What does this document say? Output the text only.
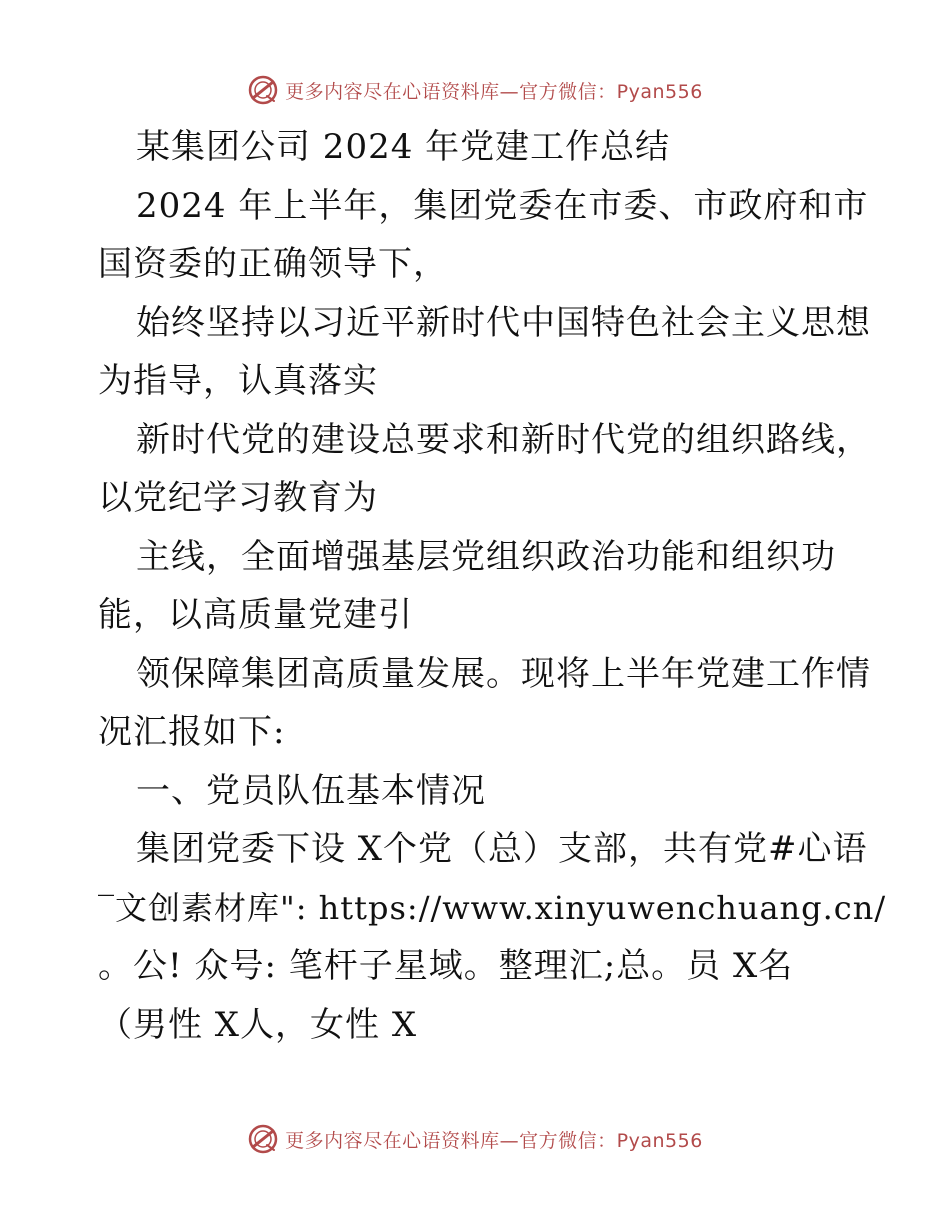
更多内容尽在心语资料库—官方微信：Pyan556
某集团公司 2024 年党建工作总结
2024 年上半年，集团党委在市委、市政府和市
国资委的正确领导下，
始终坚持以习近平新时代中国特色社会主义思想
为指导，认真落实
新时代党的建设总要求和新时代党的组织路线，
以党纪学习教育为
主线，全面增强基层党组织政治功能和组织功
能，以高质量党建引
领保障集团高质量发展。现将上半年党建工作情
况汇报如下:
一、党员队伍基本情况
集团党委下设 X个党（总）支部，共有党#心语
‾文创素材库": https://www.xinyuwenchuang.cn/
。公! 众号: 笔杆子星域。整理汇;总。员 X名
（男性 X人，女性 X
更多内容尽在心语资料库—官方微信：Pyan556
